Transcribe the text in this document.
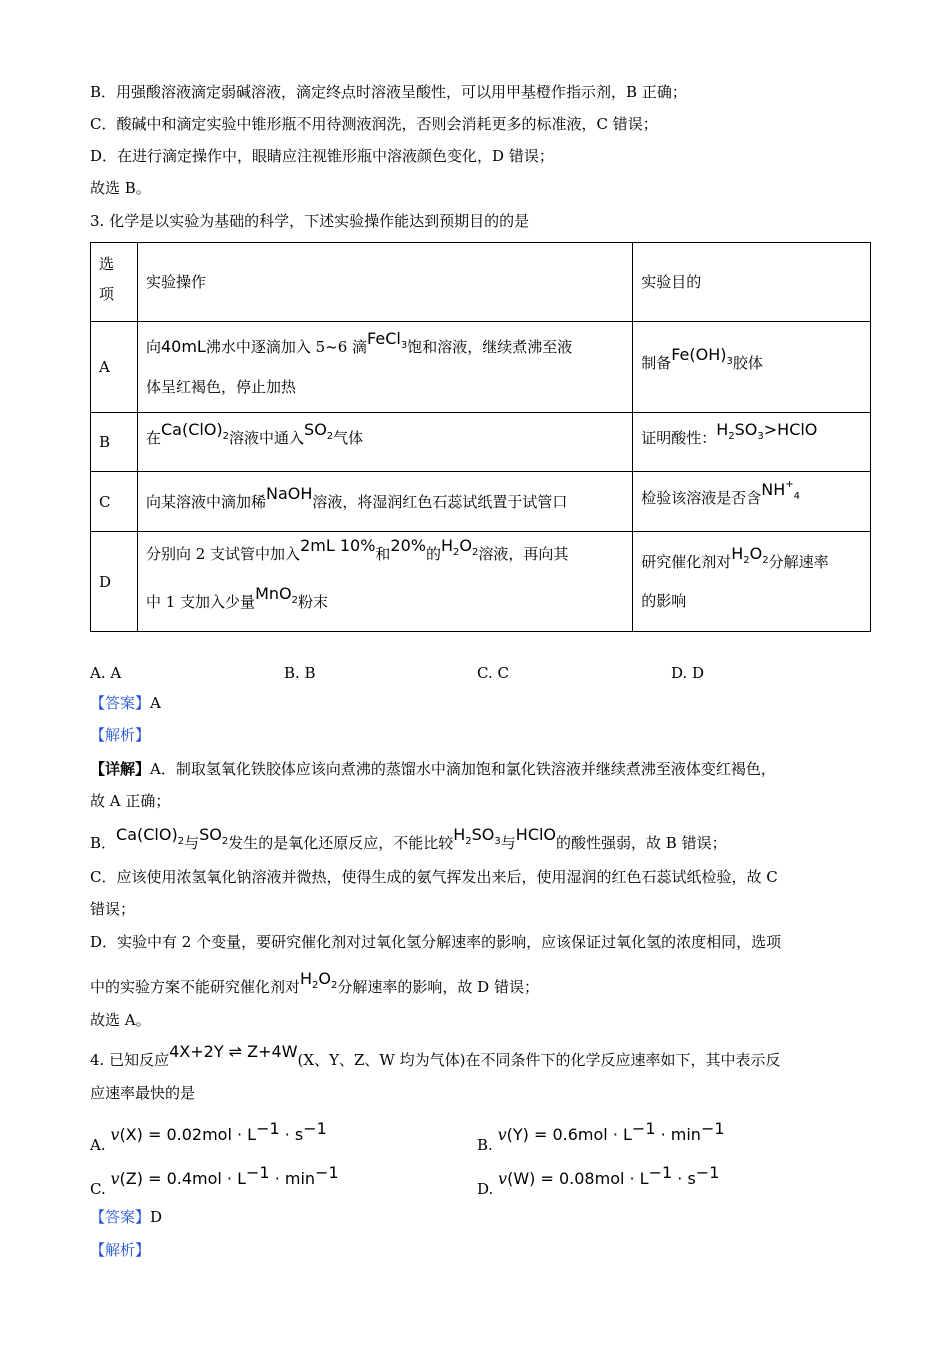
B．用强酸溶液滴定弱碱溶液，滴定终点时溶液呈酸性，可以用甲基橙作指示剂，B 正确；
C．酸碱中和滴定实验中锥形瓶不用待测液润洗，否则会消耗更多的标准液，C 错误；
D．在进行滴定操作中，眼睛应注视锥形瓶中溶液颜色变化，D 错误；
故选 B。
3. 化学是以实验为基础的科学，下述实验操作能达到预期目的的是
选
项	实验操作	实验目的
A	向40mL沸水中逐滴加入 5~6 滴FeCl$_3$饱和溶液，继续煮沸至液
体呈红褐色，停止加热	制备$Fe(OH)_3$胶体
B	在$Ca(ClO)_2$溶液中通入$SO_2$气体	证明酸性：$H_2SO_3>HClO$
C	向某溶液中滴加稀NaOH溶液，将湿润红色石蕊试纸置于试管口	检验该溶液是否含$NH_{+4}$
D	分别向 2 支试管中加入2mL 10%和20%的$H_2O_2$溶液，再向其
中 1 支加入少量MnO$_2$粉末	研究催化剂对$H_2O_2$分解速率
的影响
A. A	B. B	C. C	D. D
【答案】A
【解析】
【详解】A．制取氢氧化铁胶体应该向煮沸的蒸馏水中滴加饱和氯化铁溶液并继续煮沸至液体变红褐色，
故 A 正确；
B．$Ca(ClO)_2$与$SO_2$发生的是氧化还原反应，不能比较$H_2SO_3$与HClO的酸性强弱，故 B 错误；
C．应该使用浓氢氧化钠溶液并微热，使得生成的氨气挥发出来后，使用湿润的红色石蕊试纸检验，故 C
错误；
D．实验中有 2 个变量，要研究催化剂对过氧化氢分解速率的影响，应该保证过氧化氢的浓度相同，选项
中的实验方案不能研究催化剂对$H_2O_2$分解速率的影响，故 D 错误；
故选 A。
4. 已知反应4X+2Y ⇌ Z+4W(X、Y、Z、W 均为气体)在不同条件下的化学反应速率如下，其中表示反
应速率最快的是
A. $v(X) = 0.02mol \cdot L^{-1} \cdot s^{-1}$
B. $v(Y) = 0.6mol \cdot L^{-1} \cdot \min^{-1}$
C. $v(Z) = 0.4mol \cdot L^{-1} \cdot \min^{-1}$
D. $v(W) = 0.08mol \cdot L^{-1} \cdot s^{-1}$
【答案】D
【解析】
